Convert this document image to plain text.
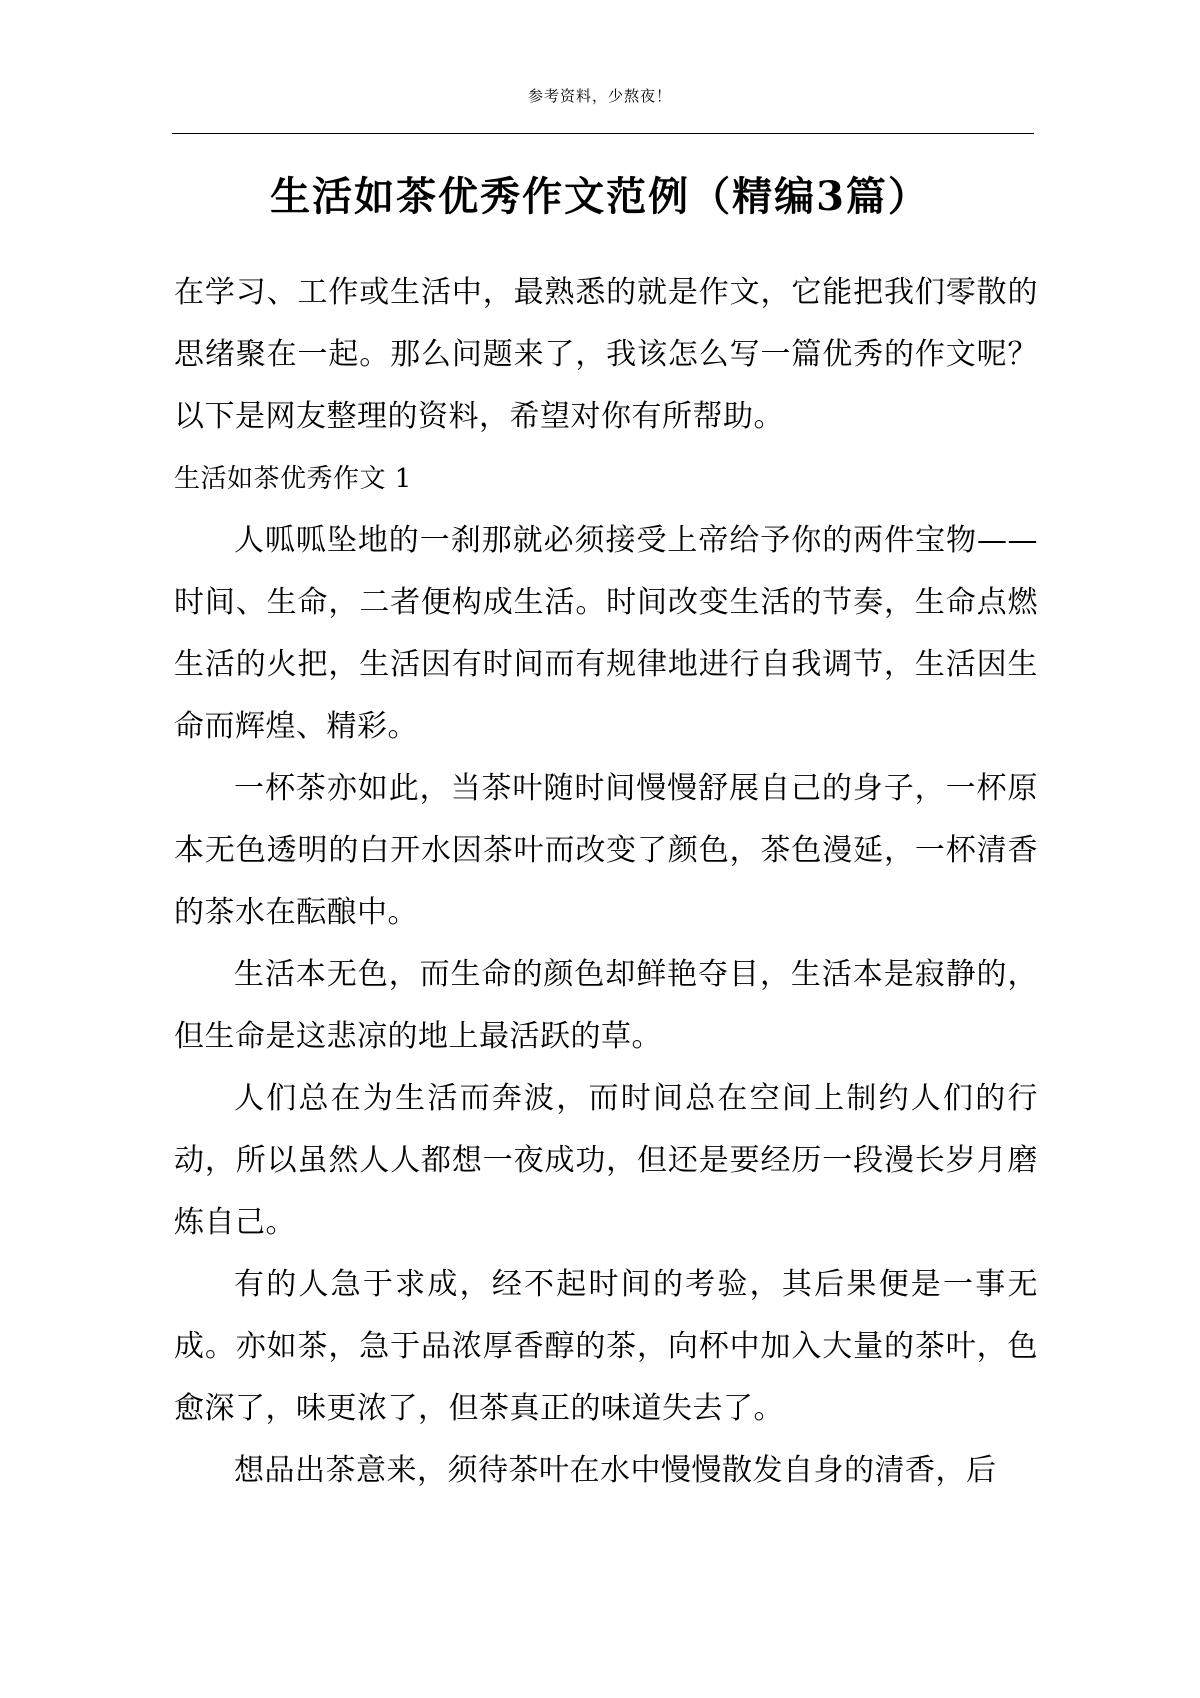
参考资料，少熬夜！
生活如茶优秀作文范例（精编3篇）

在学习、工作或生活中，最熟悉的就是作文，它能把我们零散的思绪聚在一起。那么问题来了，我该怎么写一篇优秀的作文呢？以下是网友整理的资料，希望对你有所帮助。

生活如茶优秀作文 1

人呱呱坠地的一刹那就必须接受上帝给予你的两件宝物——时间、生命，二者便构成生活。时间改变生活的节奏，生命点燃生活的火把，生活因有时间而有规律地进行自我调节，生活因生命而辉煌、精彩。

一杯茶亦如此，当茶叶随时间慢慢舒展自己的身子，一杯原本无色透明的白开水因茶叶而改变了颜色，茶色漫延，一杯清香的茶水在酝酿中。

生活本无色，而生命的颜色却鲜艳夺目，生活本是寂静的，但生命是这悲凉的地上最活跃的草。

人们总在为生活而奔波，而时间总在空间上制约人们的行动，所以虽然人人都想一夜成功，但还是要经历一段漫长岁月磨炼自己。

有的人急于求成，经不起时间的考验，其后果便是一事无成。亦如茶，急于品浓厚香醇的茶，向杯中加入大量的茶叶，色愈深了，味更浓了，但茶真正的味道失去了。

想品出茶意来，须待茶叶在水中慢慢散发自身的清香，后
